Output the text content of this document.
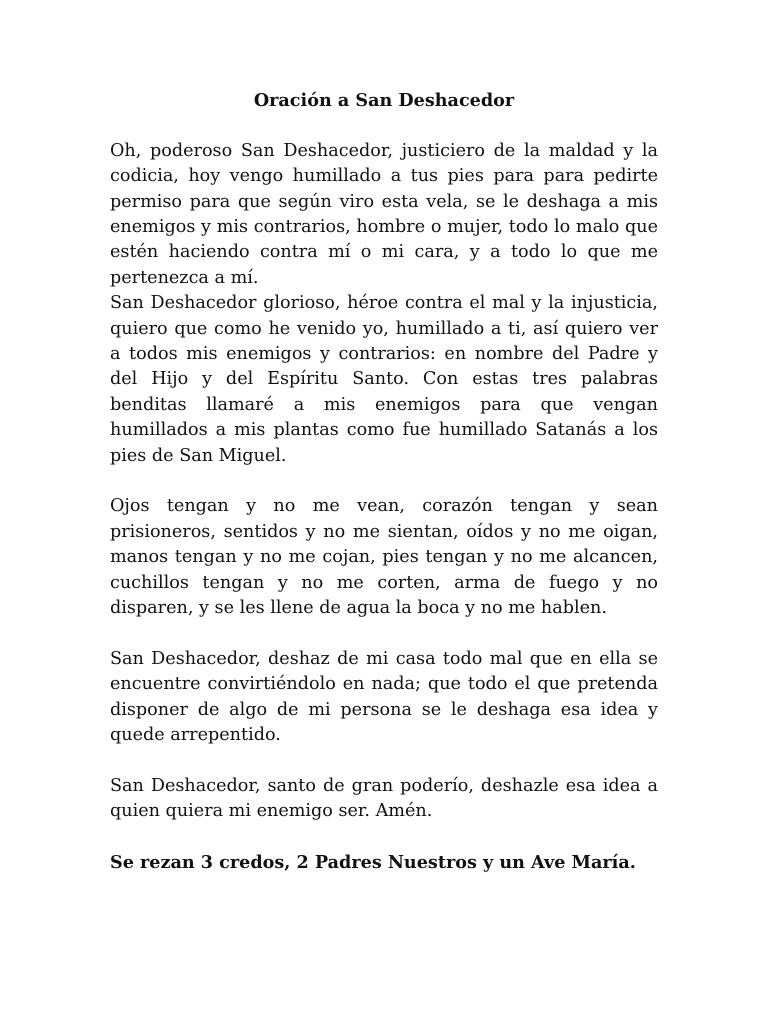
Oración a San Deshacedor

Oh, poderoso San Deshacedor, justiciero de la maldad y la codicia, hoy vengo humillado a tus pies para para pedirte permiso para que según viro esta vela, se le deshaga a mis enemigos y mis contrarios, hombre o mujer, todo lo malo que estén haciendo contra mí o mi cara, y a todo lo que me pertenezca a mí.

San Deshacedor glorioso, héroe contra el mal y la injusticia, quiero que como he venido yo, humillado a ti, así quiero ver a todos mis enemigos y contrarios: en nombre del Padre y del Hijo y del Espíritu Santo. Con estas tres palabras benditas llamaré a mis enemigos para que vengan humillados a mis plantas como fue humillado Satanás a los pies de San Miguel.

Ojos tengan y no me vean, corazón tengan y sean prisioneros, sentidos y no me sientan, oídos y no me oigan, manos tengan y no me cojan, pies tengan y no me alcancen, cuchillos tengan y no me corten, arma de fuego y no disparen, y se les llene de agua la boca y no me hablen.

San Deshacedor, deshaz de mi casa todo mal que en ella se encuentre convirtiéndolo en nada; que todo el que pretenda disponer de algo de mi persona se le deshaga esa idea y quede arrepentido.

San Deshacedor, santo de gran poderío, deshazle esa idea a quien quiera mi enemigo ser. Amén.

Se rezan 3 credos, 2 Padres Nuestros y un Ave María.
